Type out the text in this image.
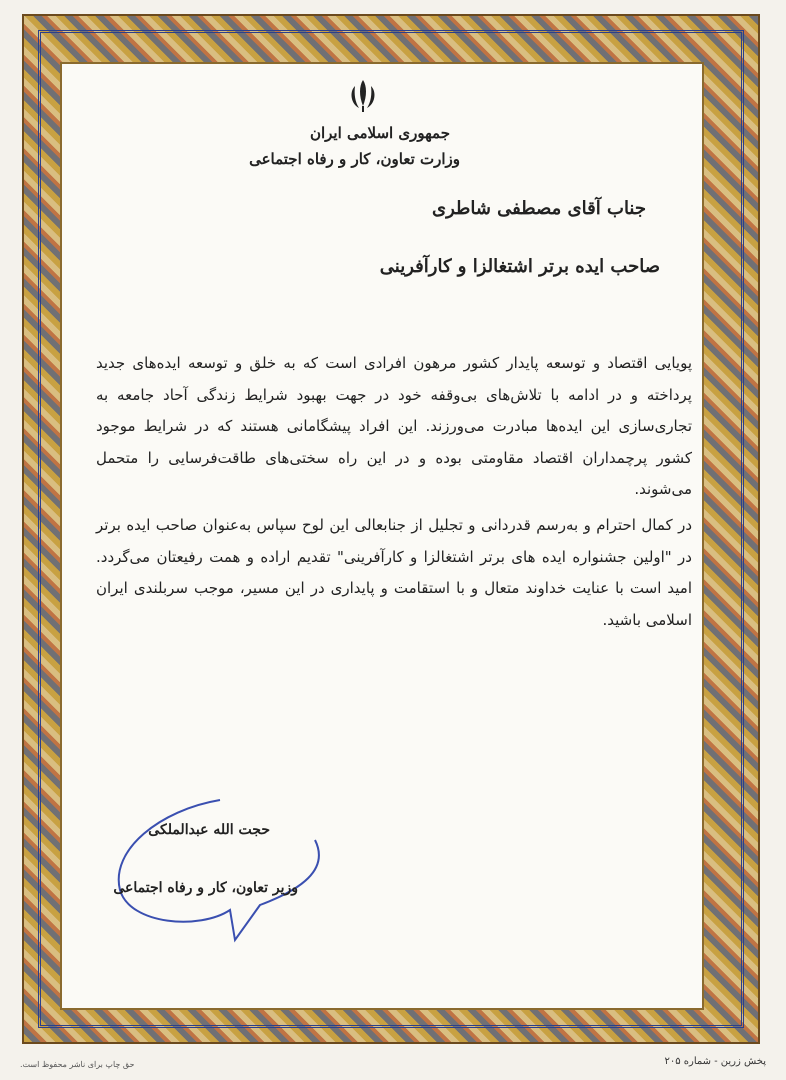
جمهوری اسلامی ایران
وزارت تعاون، کار و رفاه اجتماعی
جناب آقای مصطفی شاطری
صاحب ایده برتر اشتغالزا و کارآفرینی

پویایی اقتصاد و توسعه پایدار کشور مرهون افرادی است که به خلق و توسعه ایده‌های جدید پرداخته و در ادامه با تلاش‌های بی‌وقفه خود در جهت بهبود شرایط زندگی آحاد جامعه به تجاری‌سازی این ایده‌ها مبادرت می‌ورزند. این افراد پیشگامانی هستند که در شرایط موجود کشور پرچمداران اقتصاد مقاومتی بوده و در این راه سختی‌های طاقت‌فرسایی را متحمل می‌شوند.

در کمال احترام و به‌رسم قدردانی و تجلیل از جنابعالی این لوح سپاس به‌عنوان صاحب ایده برتر در "اولین جشنواره ایده های برتر اشتغالزا و کارآفرینی" تقدیم اراده و همت رفیعتان می‌گردد. امید است با عنایت خداوند متعال و با استقامت و پایداری در این مسیر، موجب سربلندی ایران اسلامی باشید.

حجت الله عبدالملکی
وزیر تعاون، کار و رفاه اجتماعی
پخش زرین - شماره ۲۰۵
حق چاپ برای ناشر محفوظ است.
